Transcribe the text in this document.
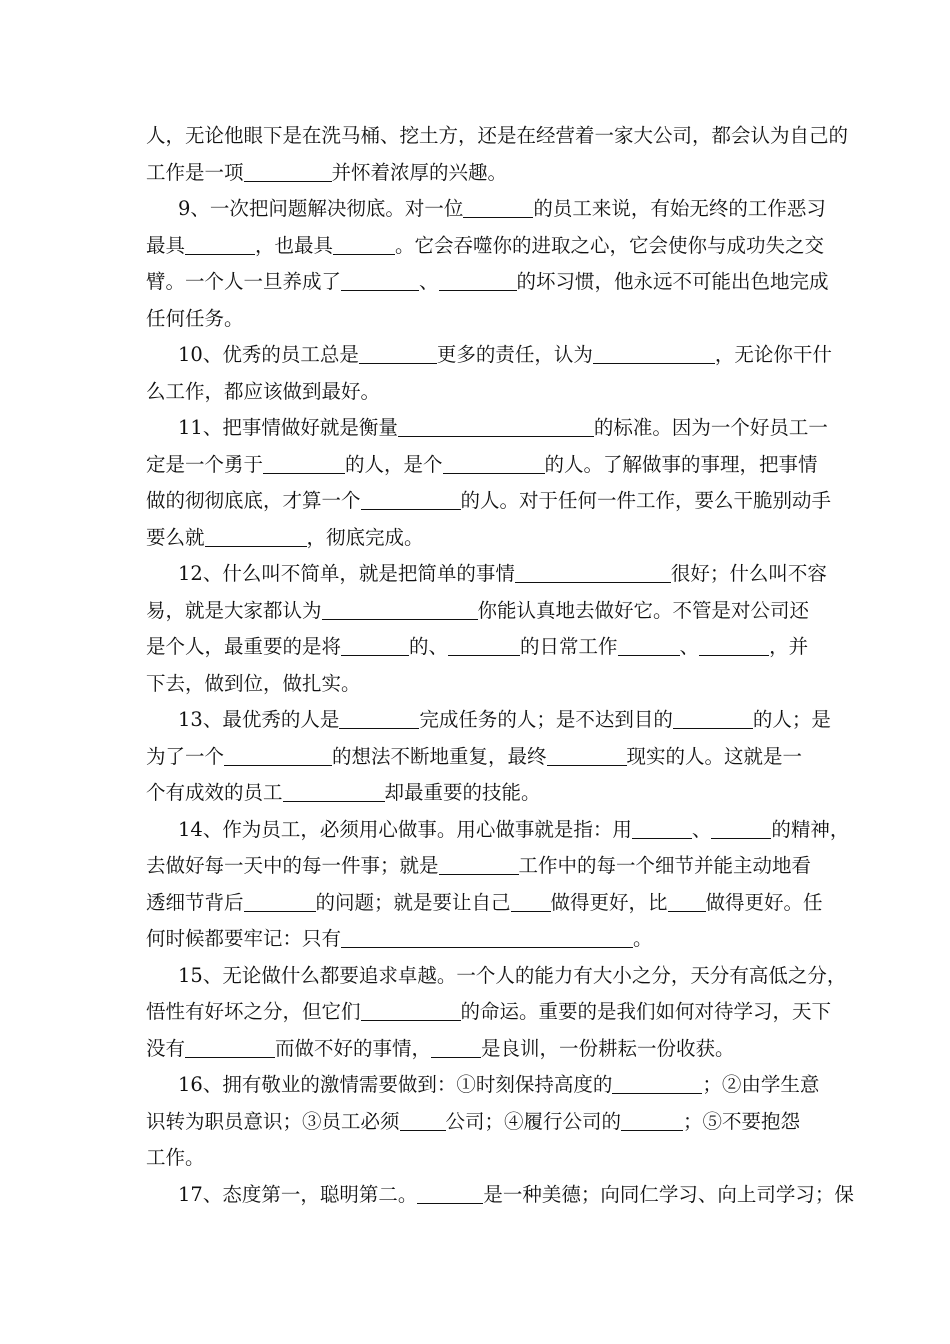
人，无论他眼下是在洗马桶、挖土方，还是在经营着一家大公司，都会认为自己的
工作是一项	并怀着浓厚的兴趣。
9、一次把问题解决彻底。对一位	的员工来说，有始无终的工作恶习
最具	，也最具	。它会吞噬你的进取之心，它会使你与成功失之交
臂。一个人一旦养成了	、	的坏习惯，他永远不可能出色地完成
任何任务。
10、优秀的员工总是	更多的责任，认为	，无论你干什
么工作，都应该做到最好。
11、把事情做好就是衡量	的标准。因为一个好员工一
定是一个勇于	的人，是个	的人。了解做事的事理，把事情
做的彻彻底底，才算一个	的人。对于任何一件工作，要么干脆别动手
要么就	，彻底完成。
12、什么叫不简单，就是把简单的事情	很好；什么叫不容
易，就是大家都认为	你能认真地去做好它。不管是对公司还
是个人，最重要的是将	的、	的日常工作	、	，并
下去，做到位，做扎实。
13、最优秀的人是	完成任务的人；是不达到目的	的人；是
为了一个	的想法不断地重复，最终	现实的人。这就是一
个有成效的员工	却最重要的技能。
14、作为员工，必须用心做事。用心做事就是指：用	、	的精神，
去做好每一天中的每一件事；就是	工作中的每一个细节并能主动地看
透细节背后	的问题；就是要让自己 做得更好，比 做得更好。任
何时候都要牢记：只有	。
15、无论做什么都要追求卓越。一个人的能力有大小之分，天分有高低之分，
悟性有好坏之分，但它们	的命运。重要的是我们如何对待学习，天下
没有	而做不好的事情，	是良训，一份耕耘一份收获。
16、拥有敬业的激情需要做到：①时刻保持高度的	；②由学生意
识转为职员意识；③员工必须 公司；④履行公司的	；⑤不要抱怨
工作。
17、态度第一，聪明第二。	是一种美德；向同仁学习、向上司学习；保
